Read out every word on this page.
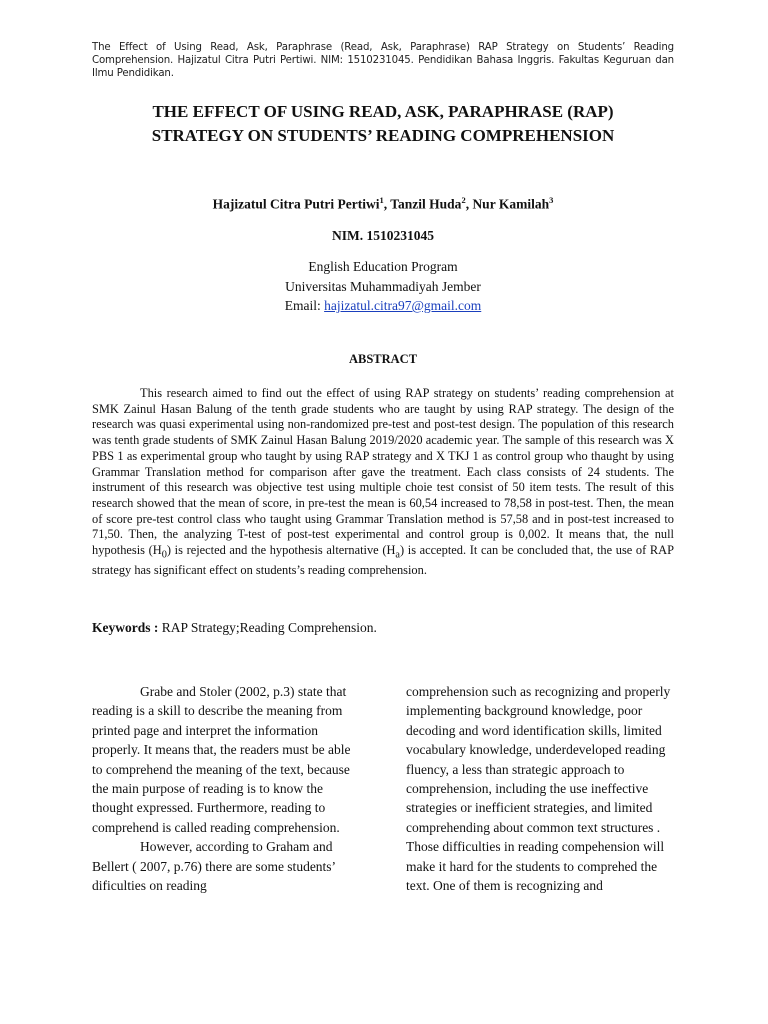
The Effect of Using Read, Ask, Paraphrase (Read, Ask, Paraphrase) RAP Strategy on Students’ Reading Comprehension. Hajizatul Citra Putri Pertiwi. NIM: 1510231045. Pendidikan Bahasa Inggris. Fakultas Keguruan dan Ilmu Pendidikan.
THE EFFECT OF USING READ, ASK, PARAPHRASE (RAP)
STRATEGY ON STUDENTS’ READING COMPREHENSION
Hajizatul Citra Putri Pertiwi$^1$, Tanzil Huda$^2$, Nur Kamilah$^3$
NIM. 1510231045
English Education Program
Universitas Muhammadiyah Jember
Email: hajizatul.citra97@gmail.com
ABSTRACT
This research aimed to find out the effect of using RAP strategy on students’ reading comprehension at SMK Zainul Hasan Balung of the tenth grade students who are taught by using RAP strategy. The design of the research was quasi experimental using non-randomized pre-test and post-test design. The population of this research was tenth grade students of SMK Zainul Hasan Balung 2019/2020 academic year. The sample of this research was X PBS 1 as experimental group who taught by using RAP strategy and X TKJ 1 as control group who thaught by using Grammar Translation method for comparison after gave the treatment. Each class consists of 24 students. The instrument of this research was objective test using multiple choie test consist of 50 item tests. The result of this research showed that the mean of score, in pre-test the mean is 60,54 increased to 78,58 in post-test. Then, the mean of score pre-test control class who taught using Grammar Translation method is 57,58 and in post-test increased to 71,50. Then, the analyzing T-test of post-test experimental and control group is 0,002. It means that, the null hypothesis $(H_0)$ is rejected and the hypothesis alternative $(H_a)$ is accepted. It can be concluded that, the use of RAP strategy has significant effect on students’s reading comprehension.
Keywords : RAP Strategy;Reading Comprehension.

Grabe and Stoler (2002, p.3) state that reading is a skill to describe the meaning from printed page and interpret the information properly. It means that, the readers must be able to comprehend the meaning of the text, because the main purpose of reading is to know the thought expressed. Furthermore, reading to comprehend is called reading comprehension.

However, according to Graham and Bellert ( 2007, p.76) there are some students’ dificulties on reading

comprehension such as recognizing and properly implementing background knowledge, poor decoding and word identification skills, limited vocabulary knowledge, underdeveloped reading fluency, a less than strategic approach to comprehension, including the use ineffective strategies or inefficient strategies, and limited comprehending about common text structures . Those difficulties in reading compehension will make it hard for the students to comprehed the text. One of them is recognizing and
